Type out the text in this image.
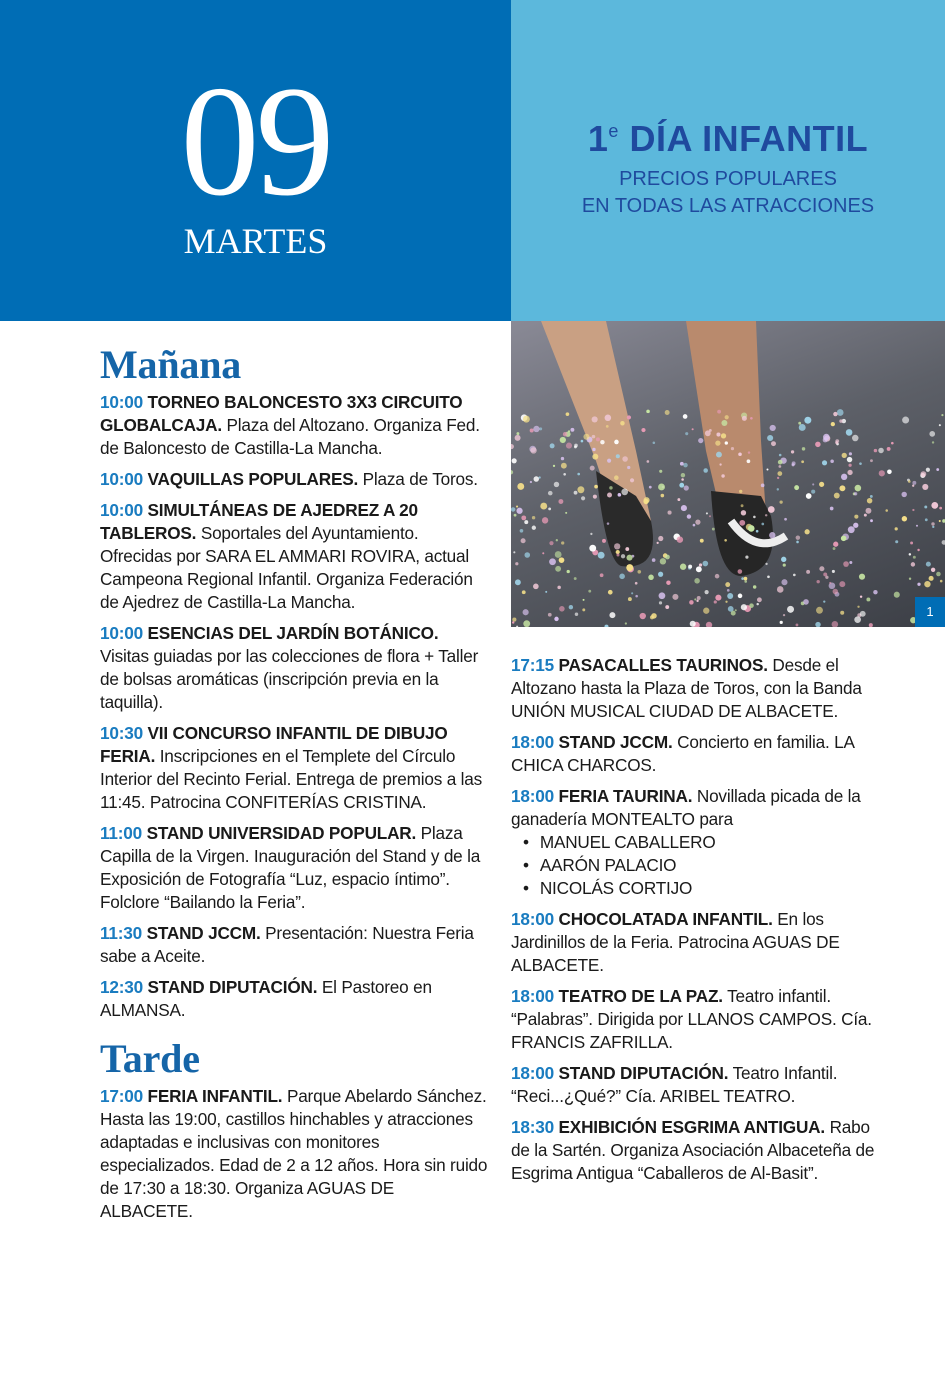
09
MARTES
1e DÍA INFANTIL
PRECIOS POPULARES
EN TODAS LAS ATRACCIONES
1
Mañana
10:00 TORNEO BALONCESTO 3X3 CIRCUITO GLOBALCAJA. Plaza del Altozano. Organiza Fed. de Baloncesto de Castilla-La Mancha.
10:00 VAQUILLAS POPULARES. Plaza de Toros.
10:00 SIMULTÁNEAS DE AJEDREZ A 20 TABLEROS. Soportales del Ayuntamiento. Ofrecidas por SARA EL AMMARI ROVIRA, actual Campeona Regional Infantil. Organiza Federación de Ajedrez de Castilla-La Mancha.
10:00 ESENCIAS DEL JARDÍN BOTÁNICO. Visitas guiadas por las colecciones de flora + Taller de bolsas aromáticas (inscripción previa en la taquilla).
10:30 VII CONCURSO INFANTIL DE DIBUJO FERIA. Inscripciones en el Templete del Círculo Interior del Recinto Ferial. Entrega de premios a las 11:45. Patrocina CONFITERÍAS CRISTINA.
11:00 STAND UNIVERSIDAD POPULAR. Plaza Capilla de la Virgen. Inauguración del Stand y de la Exposición de Fotografía “Luz, espacio íntimo”. Folclore “Bailando la Feria”.
11:30 STAND JCCM. Presentación: Nuestra Feria sabe a Aceite.
12:30 STAND DIPUTACIÓN. El Pastoreo en ALMANSA.
Tarde
17:00 FERIA INFANTIL. Parque Abelardo Sánchez. Hasta las 19:00, castillos hinchables y atracciones adaptadas e inclusivas con monitores especializados. Edad de 2 a 12 años. Hora sin ruido de 17:30 a 18:30. Organiza AGUAS DE ALBACETE.
17:15 PASACALLES TAURINOS. Desde el Altozano hasta la Plaza de Toros, con la Banda UNIÓN MUSICAL CIUDAD DE ALBACETE.
18:00 STAND JCCM. Concierto en familia. LA CHICA CHARCOS.
18:00 FERIA TAURINA. Novillada picada de la ganadería MONTEALTO para
• MANUEL CABALLERO
• AARÓN PALACIO
• NICOLÁS CORTIJO
18:00 CHOCOLATADA INFANTIL. En los Jardinillos de la Feria. Patrocina AGUAS DE ALBACETE.
18:00 TEATRO DE LA PAZ. Teatro infantil. “Palabras”. Dirigida por LLANOS CAMPOS. Cía. FRANCIS ZAFRILLA.
18:00 STAND DIPUTACIÓN. Teatro Infantil. “Reci...¿Qué?” Cía. ARIBEL TEATRO.
18:30 EXHIBICIÓN ESGRIMA ANTIGUA. Rabo de la Sartén. Organiza Asociación Albaceteña de Esgrima Antigua “Caballeros de Al-Basit”.
